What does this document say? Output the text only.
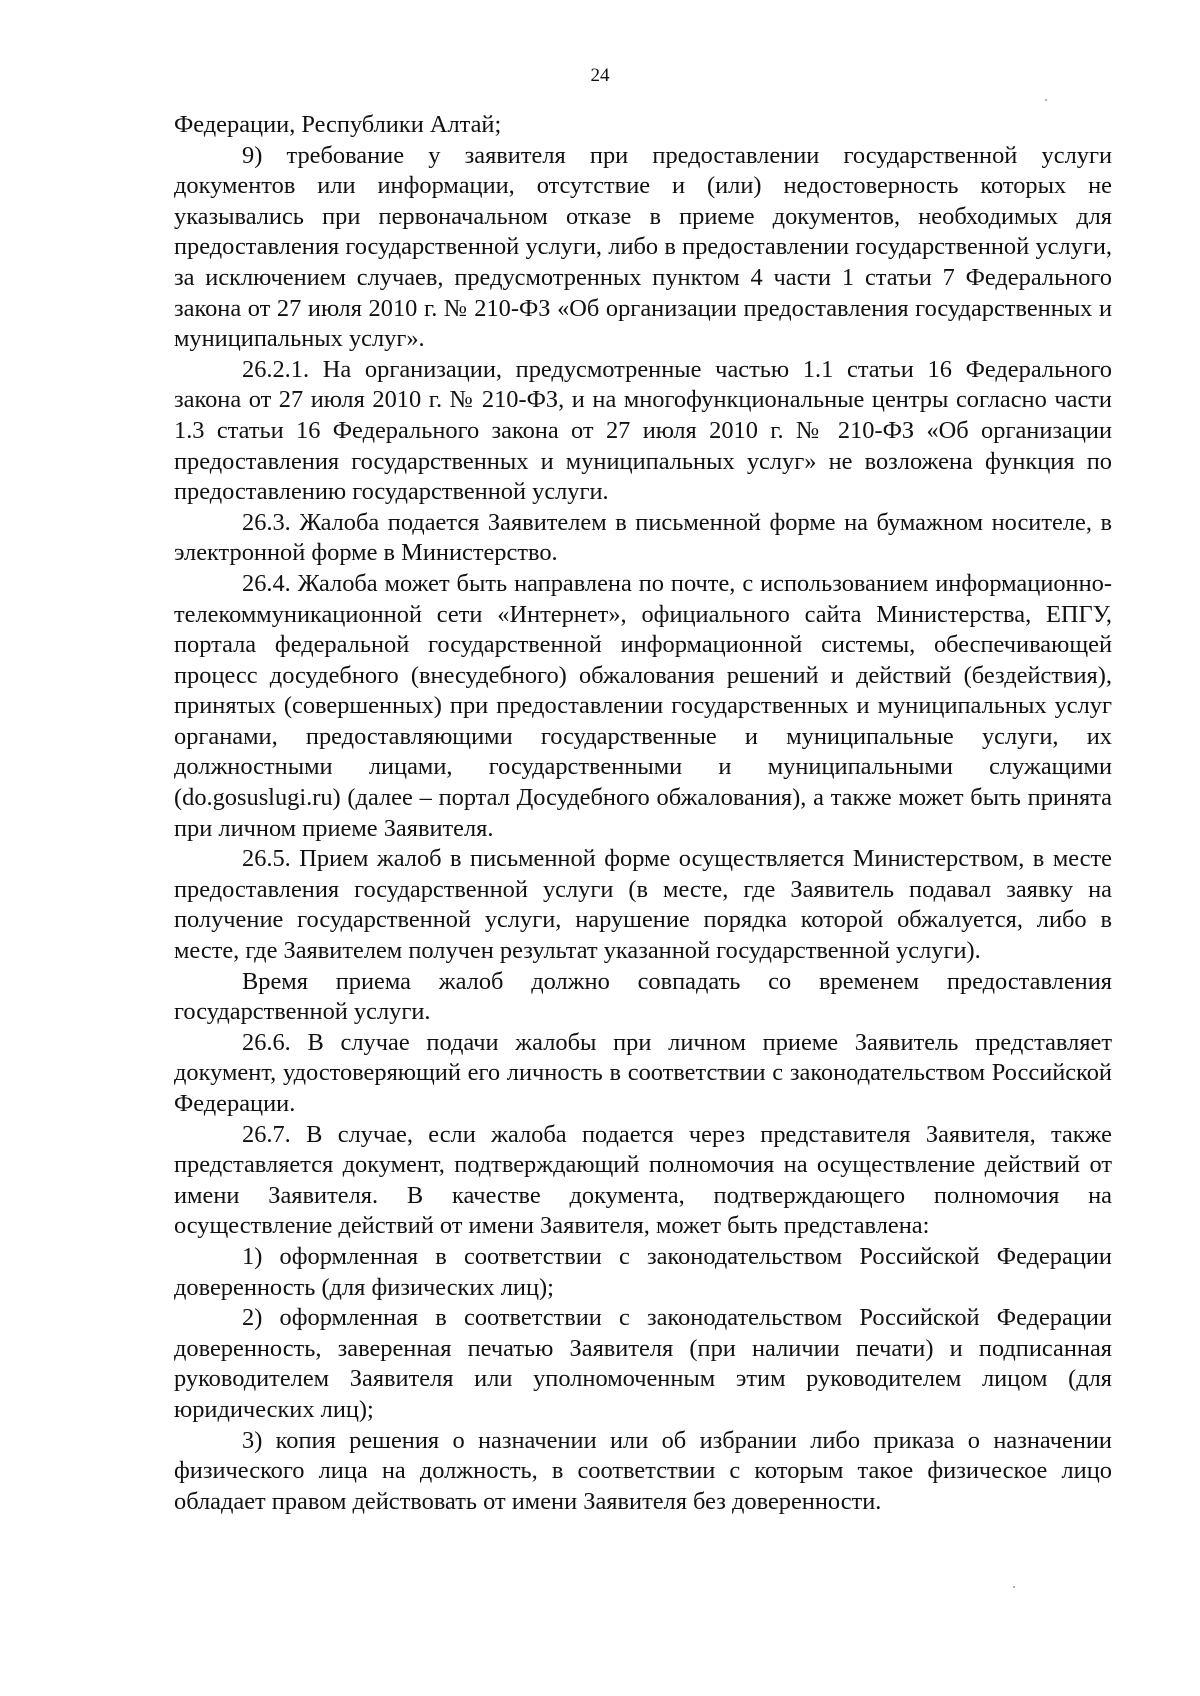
24

Федерации, Республики Алтай;

9) требование у заявителя при предоставлении государственной услуги документов или информации, отсутствие и (или) недостоверность которых не указывались при первоначальном отказе в приеме документов, необходимых для предоставления государственной услуги, либо в предоставлении государственной услуги, за исключением случаев, предусмотренных пунктом 4 части 1 статьи 7 Федерального закона от 27 июля 2010 г. № 210-ФЗ «Об организации предоставления государственных и муниципальных услуг».

26.2.1. На организации, предусмотренные частью 1.1 статьи 16 Федерального закона от 27 июля 2010 г. № 210-ФЗ, и на многофункциональные центры согласно части 1.3 статьи 16 Федерального закона от 27 июля 2010 г. № 210-ФЗ «Об организации предоставления государственных и муниципальных услуг» не возложена функция по предоставлению государственной услуги.

26.3. Жалоба подается Заявителем в письменной форме на бумажном носителе, в электронной форме в Министерство.

26.4. Жалоба может быть направлена по почте, с использованием информационно-телекоммуникационной сети «Интернет», официального сайта Министерства, ЕПГУ, портала федеральной государственной информационной системы, обеспечивающей процесс досудебного (внесудебного) обжалования решений и действий (бездействия), принятых (совершенных) при предоставлении государственных и муниципальных услуг органами, предоставляющими государственные и муниципальные услуги, их должностными лицами, государственными и муниципальными служащими (do.gosuslugi.ru) (далее – портал Досудебного обжалования), а также может быть принята при личном приеме Заявителя.

26.5. Прием жалоб в письменной форме осуществляется Министерством, в месте предоставления государственной услуги (в месте, где Заявитель подавал заявку на получение государственной услуги, нарушение порядка которой обжалуется, либо в месте, где Заявителем получен результат указанной государственной услуги).

Время приема жалоб должно совпадать со временем предоставления государственной услуги.

26.6. В случае подачи жалобы при личном приеме Заявитель представляет документ, удостоверяющий его личность в соответствии с законодательством Российской Федерации.

26.7. В случае, если жалоба подается через представителя Заявителя, также представляется документ, подтверждающий полномочия на осуществление действий от имени Заявителя. В качестве документа, подтверждающего полномочия на осуществление действий от имени Заявителя, может быть представлена:

1) оформленная в соответствии с законодательством Российской Федерации доверенность (для физических лиц);

2) оформленная в соответствии с законодательством Российской Федерации доверенность, заверенная печатью Заявителя (при наличии печати) и подписанная руководителем Заявителя или уполномоченным этим руководителем лицом (для юридических лиц);

3) копия решения о назначении или об избрании либо приказа о назначении физического лица на должность, в соответствии с которым такое физическое лицо обладает правом действовать от имени Заявителя без доверенности.
